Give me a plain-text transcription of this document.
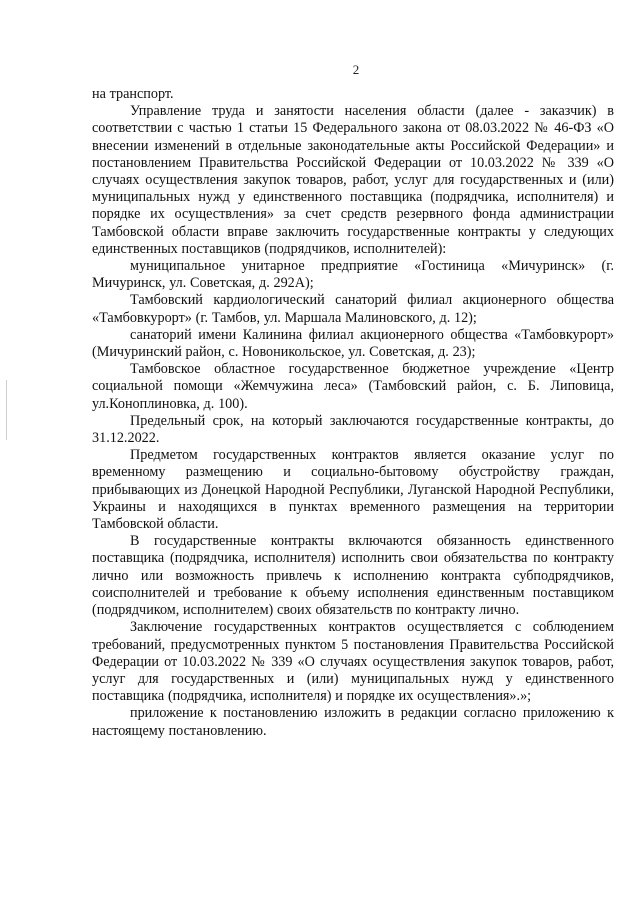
2

на транспорт.

Управление труда и занятости населения области (далее - заказчик) в соответствии с частью 1 статьи 15 Федерального закона от 08.03.2022 № 46-ФЗ «О внесении изменений в отдельные законодательные акты Российской Федерации» и постановлением Правительства Российской Федерации от 10.03.2022 № 339 «О случаях осуществления закупок товаров, работ, услуг для государственных и (или) муниципальных нужд у единственного поставщика (подрядчика, исполнителя) и порядке их осуществления» за счет средств резервного фонда администрации Тамбовской области вправе заключить государственные контракты у следующих единственных поставщиков (подрядчиков, исполнителей):

муниципальное унитарное предприятие «Гостиница «Мичуринск» (г. Мичуринск, ул. Советская, д. 292А);

Тамбовский кардиологический санаторий филиал акционерного общества «Тамбовкурорт» (г. Тамбов, ул. Маршала Малиновского, д. 12);

санаторий имени Калинина филиал акционерного общества «Тамбовкурорт» (Мичуринский район, с. Новоникольское, ул. Советская, д. 23);

Тамбовское областное государственное бюджетное учреждение «Центр социальной помощи «Жемчужина леса» (Тамбовский район, с. Б. Липовица, ул.Коноплиновка, д. 100).

Предельный срок, на который заключаются государственные контракты, до 31.12.2022.

Предметом государственных контрактов является оказание услуг по временному размещению и социально-бытовому обустройству граждан, прибывающих из Донецкой Народной Республики, Луганской Народной Республики, Украины и находящихся в пунктах временного размещения на территории Тамбовской области.

В государственные контракты включаются обязанность единственного поставщика (подрядчика, исполнителя) исполнить свои обязательства по контракту лично или возможность привлечь к исполнению контракта субподрядчиков, соисполнителей и требование к объему исполнения единственным поставщиком (подрядчиком, исполнителем) своих обязательств по контракту лично.

Заключение государственных контрактов осуществляется с соблюдением требований, предусмотренных пунктом 5 постановления Правительства Российской Федерации от 10.03.2022 № 339 «О случаях осуществления закупок товаров, работ, услуг для государственных и (или) муниципальных нужд у единственного поставщика (подрядчика, исполнителя) и порядке их осуществления».»;

приложение к постановлению изложить в редакции согласно приложению к настоящему постановлению.
